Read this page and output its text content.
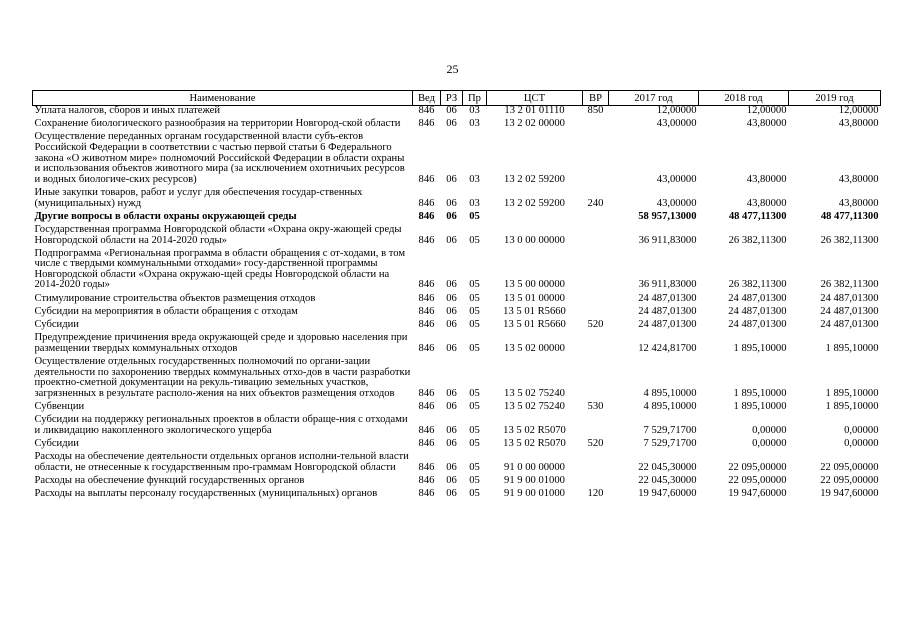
25
Наименование	Вед	РЗ	Пр	ЦСТ	ВР	2017 год	2018 год	2019 год
Уплата налогов, сборов и иных платежей	846	06	03	13 2 01 01110	850	12,00000	12,00000	12,00000
Сохранение биологического разнообразия на территории Новгород-ской области	846	06	03	13 2 02 00000		43,00000	43,80000	43,80000
Осуществление переданных органам государственной власти субъ-ектов Российской Федерации в соответствии с частью первой статьи 6 Федерального закона «О животном мире» полномочий Российской Федерации в области охраны и использования объектов животного мира (за исключением охотничьих ресурсов и водных биологиче-ских ресурсов)	846	06	03	13 2 02 59200		43,00000	43,80000	43,80000
Иные закупки товаров, работ и услуг для обеспечения государ-ственных (муниципальных) нужд	846	06	03	13 2 02 59200	240	43,00000	43,80000	43,80000
Другие вопросы в области охраны окружающей среды	846	06	05			58 957,13000	48 477,11300	48 477,11300
Государственная программа Новгородской области «Охрана окру-жающей среды Новгородской области на 2014-2020 годы»	846	06	05	13 0 00 00000		36 911,83000	26 382,11300	26 382,11300
Подпрограмма «Региональная программа в области обращения с от-ходами, в том числе с твердыми коммунальными отходами» госу-дарственной программы Новгородской области «Охрана окружаю-щей среды Новгородской области на 2014-2020 годы»	846	06	05	13 5 00 00000		36 911,83000	26 382,11300	26 382,11300
Стимулирование строительства объектов размещения отходов	846	06	05	13 5 01 00000		24 487,01300	24 487,01300	24 487,01300
Субсидии на мероприятия в области обращения с отходам	846	06	05	13 5 01 R5660		24 487,01300	24 487,01300	24 487,01300
Субсидии	846	06	05	13 5 01 R5660	520	24 487,01300	24 487,01300	24 487,01300
Предупреждение причинения вреда окружающей среде и здоровью населения при размещении твердых коммунальных отходов	846	06	05	13 5 02 00000		12 424,81700	1 895,10000	1 895,10000
Осуществление отдельных государственных полномочий по органи-зации деятельности по захоронению твердых коммунальных отхо-дов в части разработки проектно-сметной документации на рекуль-тивацию земельных участков, загрязненных в результате располо-жения на них объектов размещения отходов	846	06	05	13 5 02 75240		4 895,10000	1 895,10000	1 895,10000
Субвенции	846	06	05	13 5 02 75240	530	4 895,10000	1 895,10000	1 895,10000
Субсидии на поддержку региональных проектов в области обраще-ния с отходами и ликвидацию накопленного экологического ущерба	846	06	05	13 5 02 R5070		7 529,71700	0,00000	0,00000
Субсидии	846	06	05	13 5 02 R5070	520	7 529,71700	0,00000	0,00000
Расходы на обеспечение деятельности отдельных органов исполни-тельной власти области, не отнесенные к государственным про-граммам Новгородской области	846	06	05	91 0 00 00000		22 045,30000	22 095,00000	22 095,00000
Расходы на обеспечение функций государственных органов	846	06	05	91 9 00 01000		22 045,30000	22 095,00000	22 095,00000
Расходы на выплаты персоналу государственных (муниципальных) органов	846	06	05	91 9 00 01000	120	19 947,60000	19 947,60000	19 947,60000
